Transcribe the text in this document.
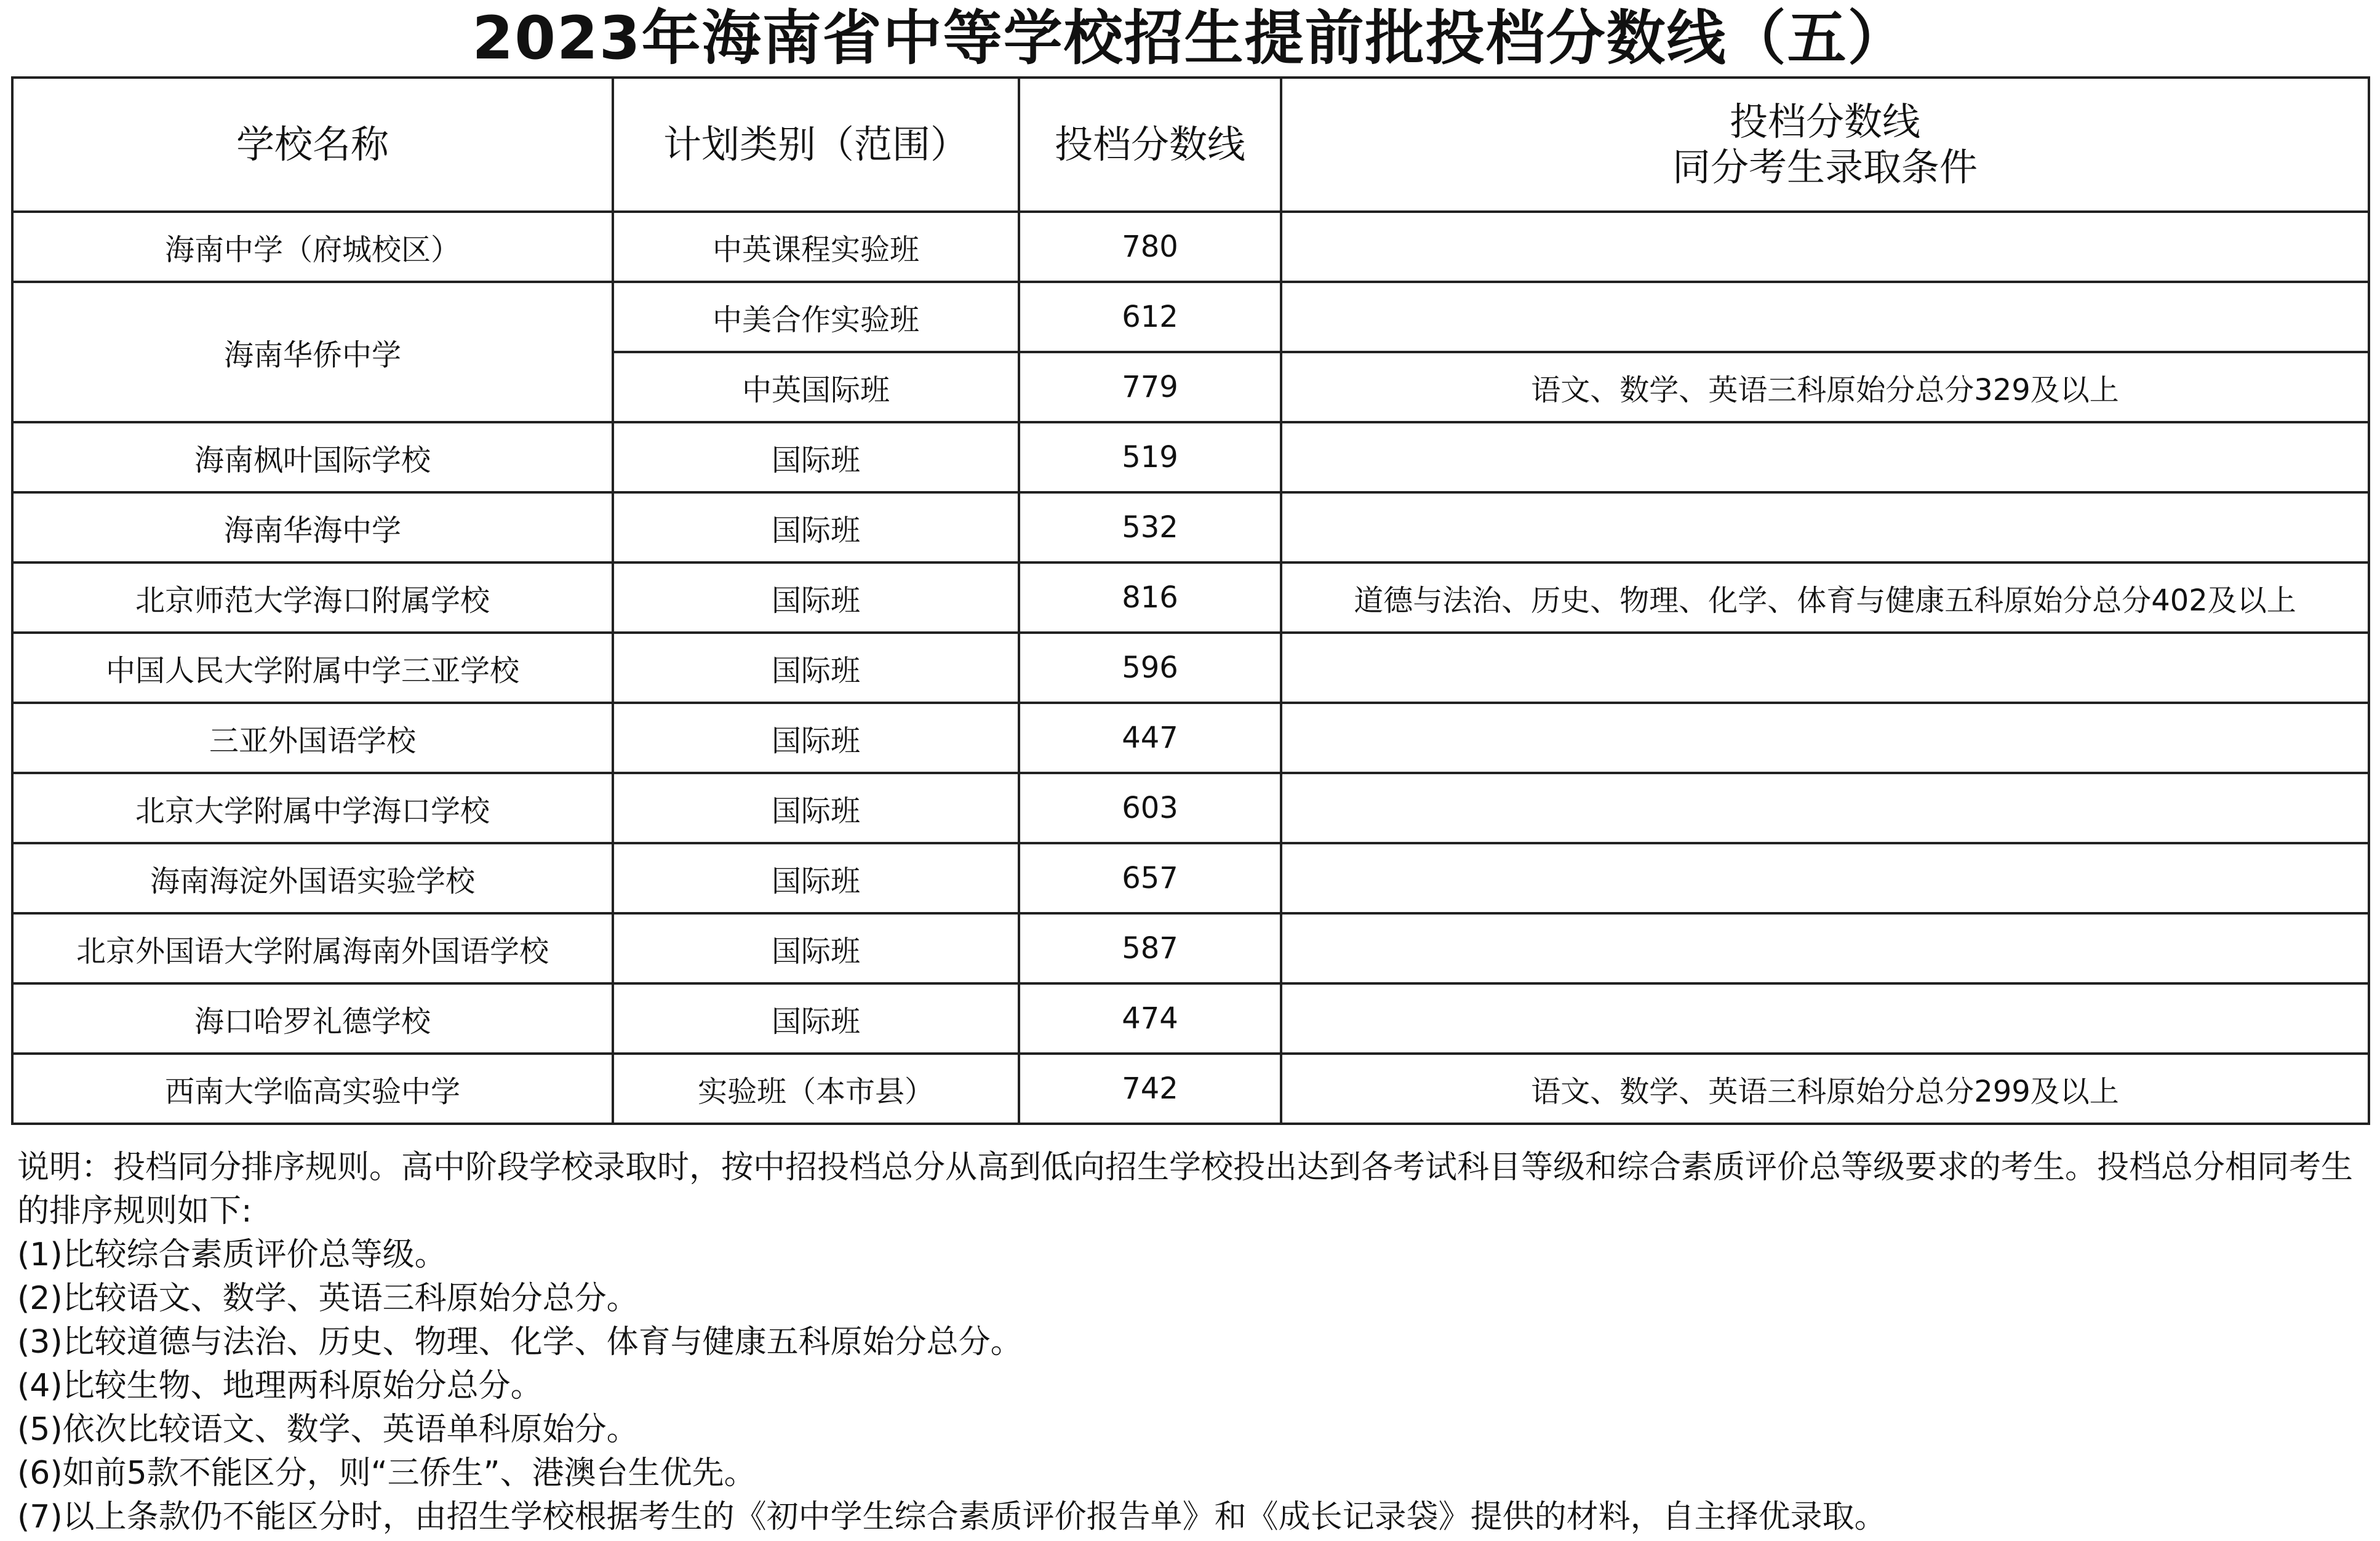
2023年海南省中等学校招生提前批投档分数线（五）
学校名称	计划类别（范围）	投档分数线	投档分数线
同分考生录取条件

海南中学（府城校区）	中英课程实验班	780	
海南华侨中学	中美合作实验班	612	
	中英国际班	779	语文、数学、英语三科原始分总分329及以上
海南枫叶国际学校	国际班	519	
海南华海中学	国际班	532	
北京师范大学海口附属学校	国际班	816	道德与法治、历史、物理、化学、体育与健康五科原始分总分402及以上
中国人民大学附属中学三亚学校	国际班	596	
三亚外国语学校	国际班	447	
北京大学附属中学海口学校	国际班	603	
海南海淀外国语实验学校	国际班	657	
北京外国语大学附属海南外国语学校	国际班	587	
海口哈罗礼德学校	国际班	474	
西南大学临高实验中学	实验班（本市县）	742	语文、数学、英语三科原始分总分299及以上

说明：投档同分排序规则。高中阶段学校录取时，按中招投档总分从高到低向招生学校投出达到各考试科目等级和综合素质评价总等级要求的考生。投档总分相同考生的排序规则如下:

(1)比较综合素质评价总等级。

(2)比较语文、数学、英语三科原始分总分。

(3)比较道德与法治、历史、物理、化学、体育与健康五科原始分总分。

(4)比较生物、地理两科原始分总分。

(5)依次比较语文、数学、英语单科原始分。

(6)如前5款不能区分，则“三侨生”、港澳台生优先。

(7)以上条款仍不能区分时，由招生学校根据考生的《初中学生综合素质评价报告单》和《成长记录袋》提供的材料，自主择优录取。
